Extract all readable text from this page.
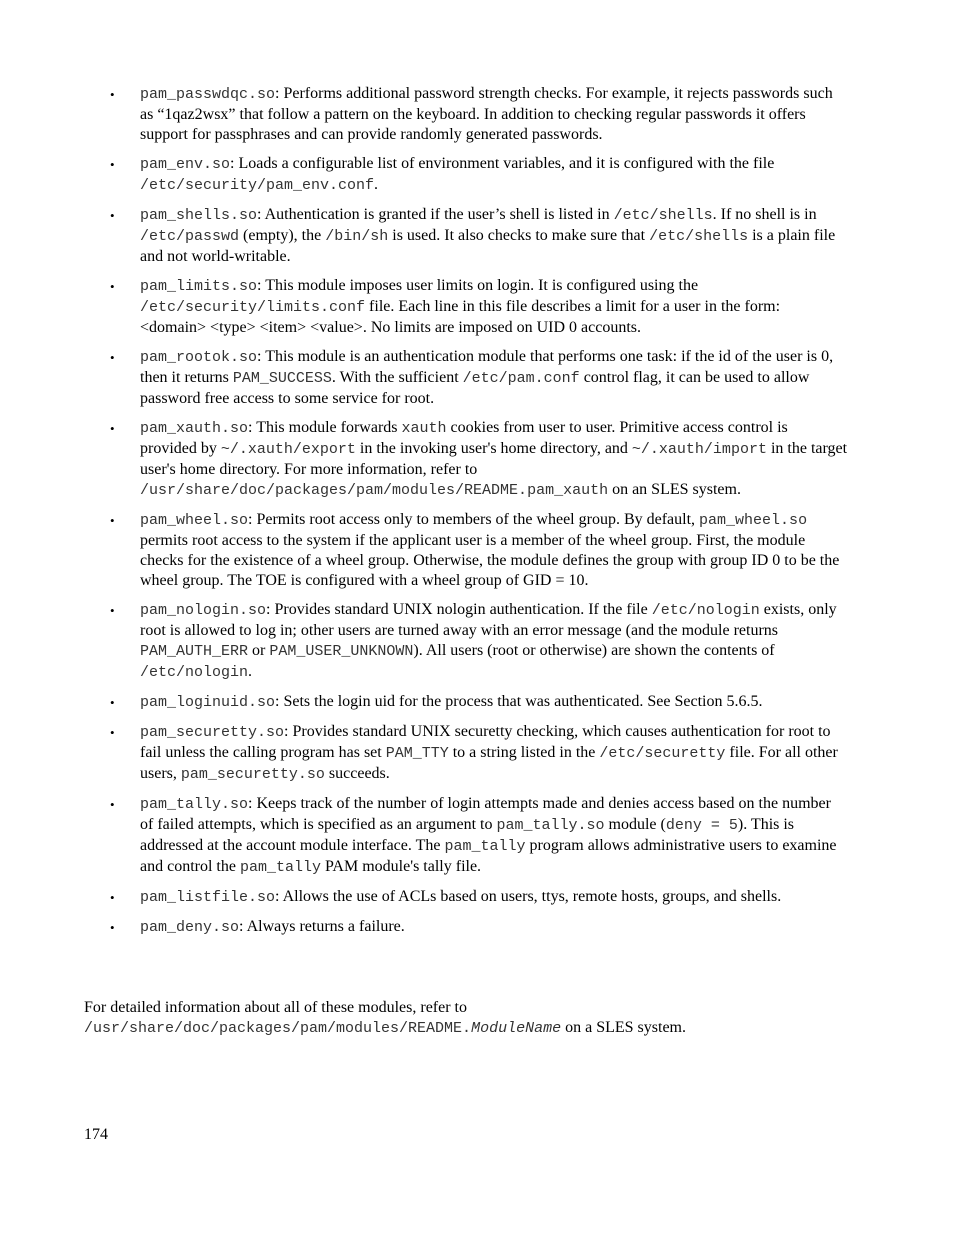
• pam_passwdqc.so: Performs additional password strength checks. For example, it rejects passwords such as “1qaz2wsx” that follow a pattern on the keyboard. In addition to checking regular passwords it offers support for passphrases and can provide randomly generated passwords.
• pam_env.so: Loads a configurable list of environment variables, and it is configured with the file /etc/security/pam_env.conf.
• pam_shells.so: Authentication is granted if the user’s shell is listed in /etc/shells. If no shell is in /etc/passwd (empty), the /bin/sh is used. It also checks to make sure that /etc/shells is a plain file and not world-writable.
• pam_limits.so: This module imposes user limits on login. It is configured using the /etc/security/limits.conf file. Each line in this file describes a limit for a user in the form: <domain> <type> <item> <value>. No limits are imposed on UID 0 accounts.
• pam_rootok.so: This module is an authentication module that performs one task: if the id of the user is 0, then it returns PAM_SUCCESS. With the sufficient /etc/pam.conf control flag, it can be used to allow password free access to some service for root.
• pam_xauth.so: This module forwards xauth cookies from user to user. Primitive access control is provided by ~/.xauth/export in the invoking user's home directory, and ~/.xauth/import in the target user's home directory. For more information, refer to /usr/share/doc/packages/pam/modules/README.pam_xauth on an SLES system.
• pam_wheel.so: Permits root access only to members of the wheel group. By default, pam_wheel.so permits root access to the system if the applicant user is a member of the wheel group. First, the module checks for the existence of a wheel group. Otherwise, the module defines the group with group ID 0 to be the wheel group. The TOE is configured with a wheel group of GID = 10.
• pam_nologin.so: Provides standard UNIX nologin authentication. If the file /etc/nologin exists, only root is allowed to log in; other users are turned away with an error message (and the module returns PAM_AUTH_ERR or PAM_USER_UNKNOWN). All users (root or otherwise) are shown the contents of /etc/nologin.
• pam_loginuid.so: Sets the login uid for the process that was authenticated. See Section 5.6.5.
• pam_securetty.so: Provides standard UNIX securetty checking, which causes authentication for root to fail unless the calling program has set PAM_TTY to a string listed in the /etc/securetty file. For all other users, pam_securetty.so succeeds.
• pam_tally.so: Keeps track of the number of login attempts made and denies access based on the number of failed attempts, which is specified as an argument to pam_tally.so module (deny = 5). This is addressed at the account module interface. The pam_tally program allows administrative users to examine and control the pam_tally PAM module's tally file.
• pam_listfile.so: Allows the use of ACLs based on users, ttys, remote hosts, groups, and shells.
• pam_deny.so: Always returns a failure.

For detailed information about all of these modules, refer to /usr/share/doc/packages/pam/modules/README.ModuleName on a SLES system.

174
